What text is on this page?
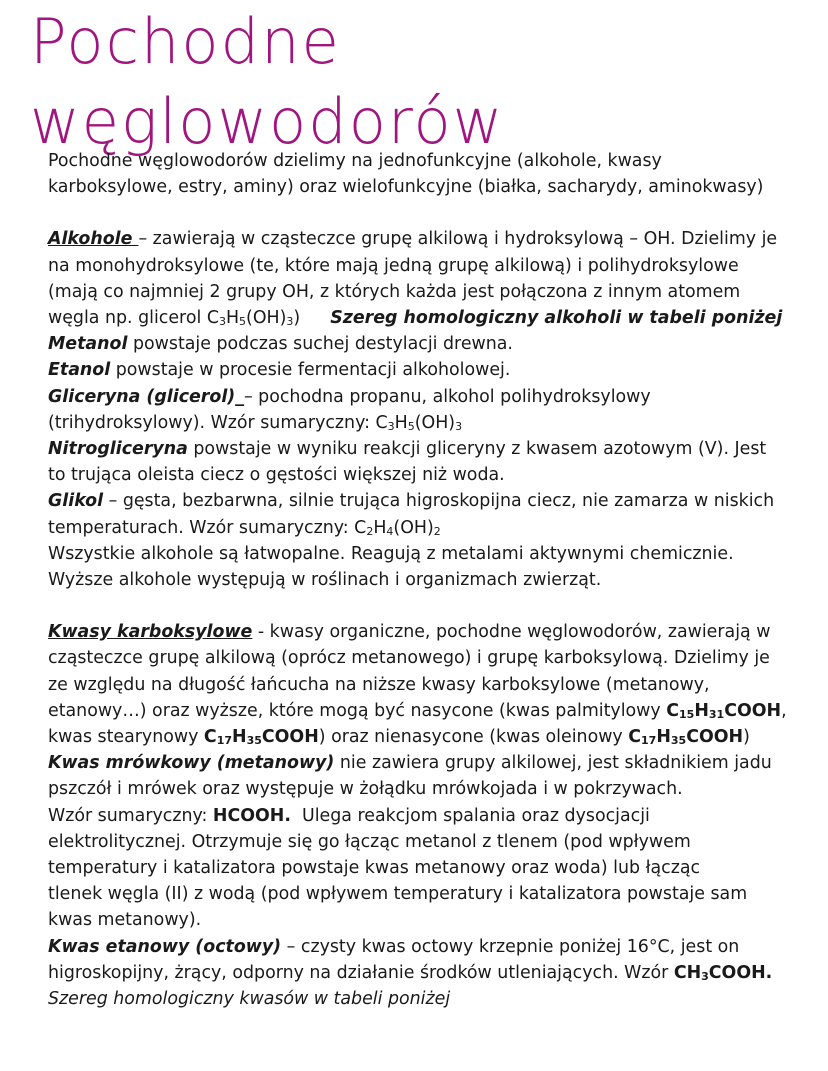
Pochodne węglowodorów
Pochodne węglowodorów dzielimy na jednofunkcyjne (alkohole, kwasy
karboksylowe, estry, aminy) oraz wielofunkcyjne (białka, sacharydy, aminokwasy)
Alkohole – zawierają w cząsteczce grupę alkilową i hydroksylową – OH. Dzielimy je
na monohydroksylowe (te, które mają jedną grupę alkilową) i polihydroksylowe
(mają co najmniej 2 grupy OH, z których każda jest połączona z innym atomem
węgla np. glicerol $C_3H_5(OH)_3$) Szereg homologiczny alkoholi w tabeli poniżej
Metanol powstaje podczas suchej destylacji drewna.
Etanol powstaje w procesie fermentacji alkoholowej.
Gliceryna (glicerol)_– pochodna propanu, alkohol polihydroksylowy
(trihydroksylowy). Wzór sumaryczny: $C_3H_5(OH)_3$
Nitrogliceryna powstaje w wyniku reakcji gliceryny z kwasem azotowym (V). Jest
to trująca oleista ciecz o gęstości większej niż woda.
Glikol – gęsta, bezbarwna, silnie trująca higroskopijna ciecz, nie zamarza w niskich
temperaturach. Wzór sumaryczny: $C_2H_4(OH)_2$
Wszystkie alkohole są łatwopalne. Reagują z metalami aktywnymi chemicznie.
Wyższe alkohole występują w roślinach i organizmach zwierząt.
Kwasy karboksylowe - kwasy organiczne, pochodne węglowodorów, zawierają w
cząsteczce grupę alkilową (oprócz metanowego) i grupę karboksylową. Dzielimy je
ze względu na długość łańcucha na niższe kwasy karboksylowe (metanowy,
etanowy…) oraz wyższe, które mogą być nasycone (kwas palmitylowy $C_{15}H_{31}COOH$,
kwas stearynowy $C_{17}H_{35}COOH$) oraz nienasycone (kwas oleinowy $C_{17}H_{35}COOH$)
Kwas mrówkowy (metanowy) nie zawiera grupy alkilowej, jest składnikiem jadu
pszczół i mrówek oraz występuje w żołądku mrówkojada i w pokrzywach.
Wzór sumaryczny: HCOOH.  Ulega reakcjom spalania oraz dysocjacji
elektrolitycznej. Otrzymuje się go łącząc metanol z tlenem (pod wpływem
temperatury i katalizatora powstaje kwas metanowy oraz woda) lub łącząc
tlenek węgla (II) z wodą (pod wpływem temperatury i katalizatora powstaje sam
kwas metanowy).
Kwas etanowy (octowy) – czysty kwas octowy krzepnie poniżej 16°C, jest on
higroskopijny, żrący, odporny na działanie środków utleniających. Wzór $CH_3COOH$.
Szereg homologiczny kwasów w tabeli poniżej
